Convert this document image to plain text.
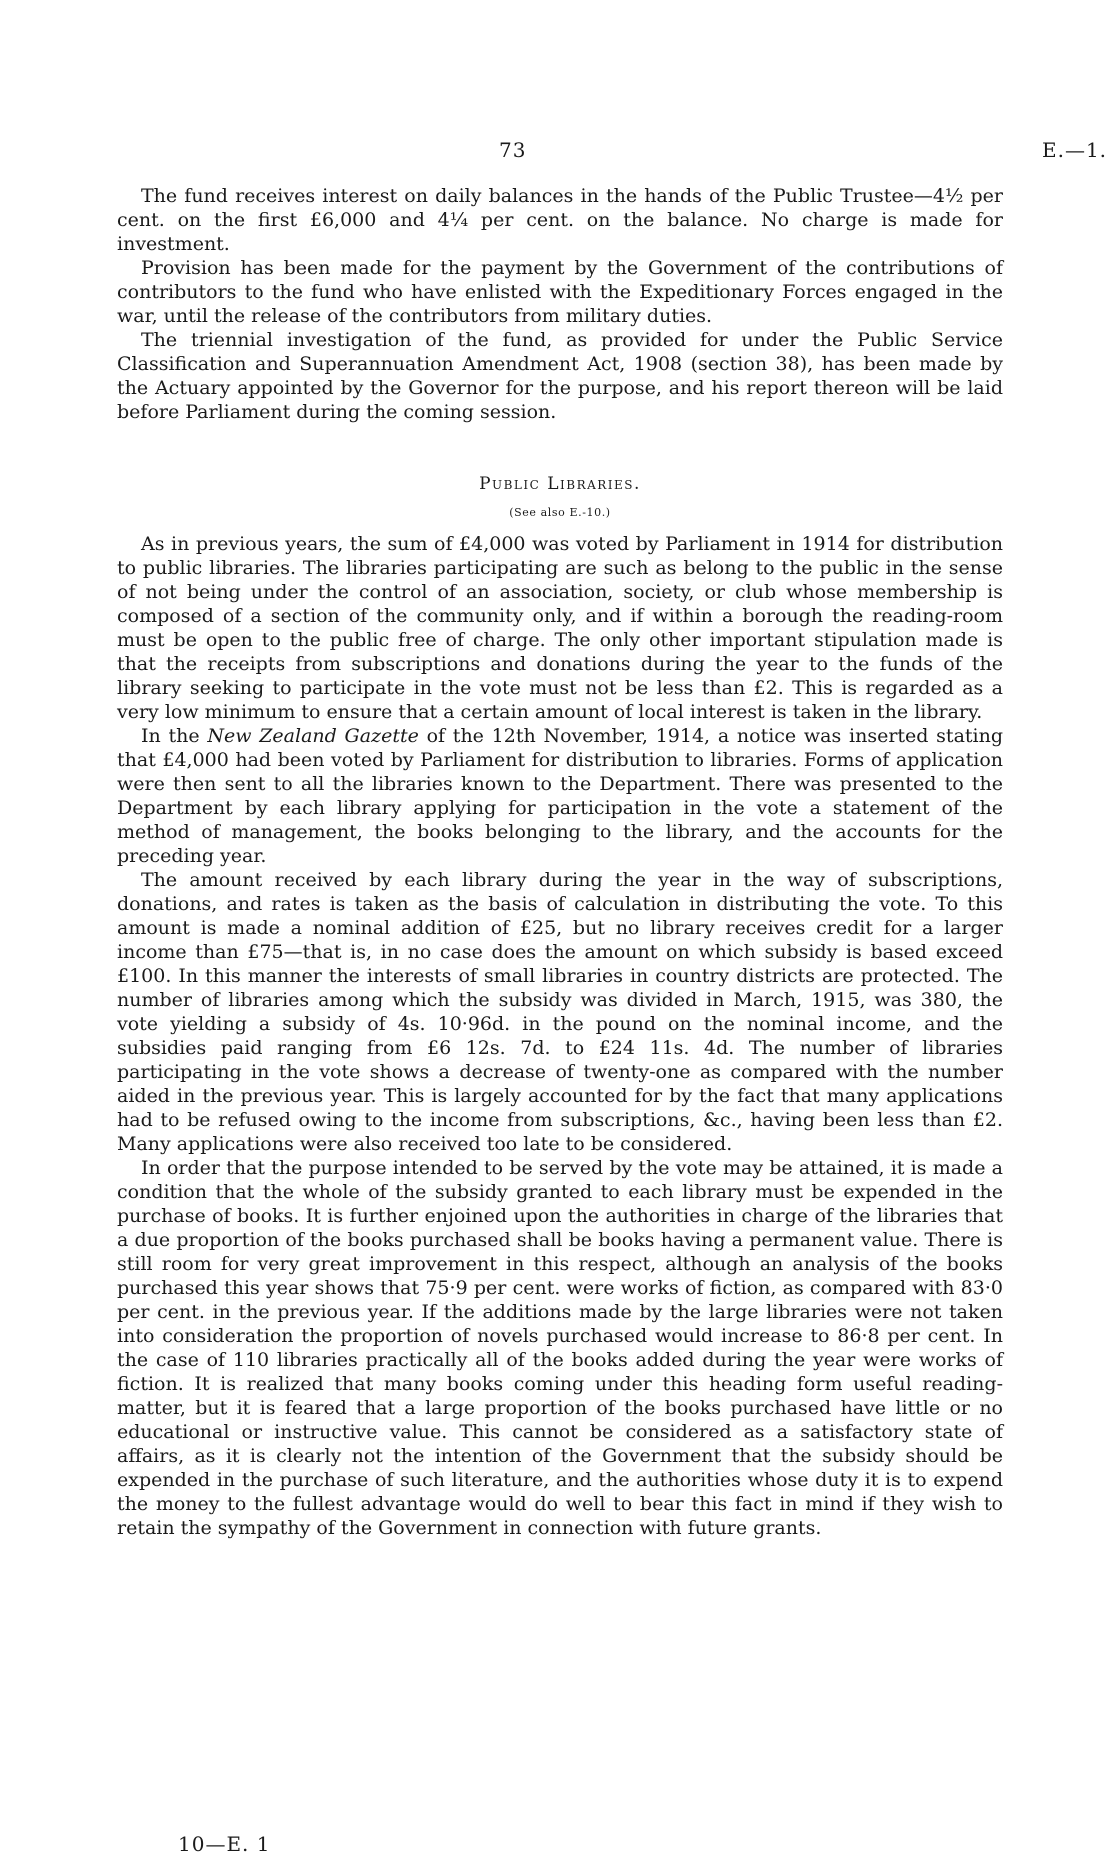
73	E.—1.

The fund receives interest on daily balances in the hands of the Public Trustee—4½ per cent. on the first £6,000 and 4¼ per cent. on the balance. No charge is made for investment.

Provision has been made for the payment by the Government of the contributions of contributors to the fund who have enlisted with the Expeditionary Forces engaged in the war, until the release of the contributors from military duties.

The triennial investigation of the fund, as provided for under the Public Service Classification and Superannuation Amendment Act, 1908 (section 38), has been made by the Actuary appointed by the Governor for the purpose, and his report thereon will be laid before Parliament during the coming session.

Public Libraries.
(See also E.-10.)

As in previous years, the sum of £4,000 was voted by Parliament in 1914 for distribution to public libraries. The libraries participating are such as belong to the public in the sense of not being under the control of an association, society, or club whose membership is composed of a section of the community only, and if within a borough the reading-room must be open to the public free of charge. The only other important stipulation made is that the receipts from subscriptions and donations during the year to the funds of the library seeking to participate in the vote must not be less than £2. This is regarded as a very low minimum to ensure that a certain amount of local interest is taken in the library.

In the New Zealand Gazette of the 12th November, 1914, a notice was inserted stating that £4,000 had been voted by Parliament for distribution to libraries. Forms of application were then sent to all the libraries known to the Department. There was presented to the Department by each library applying for participation in the vote a statement of the method of management, the books belonging to the library, and the accounts for the preceding year.

The amount received by each library during the year in the way of subscriptions, donations, and rates is taken as the basis of calculation in distributing the vote. To this amount is made a nominal addition of £25, but no library receives credit for a larger income than £75—that is, in no case does the amount on which subsidy is based exceed £100. In this manner the interests of small libraries in country districts are protected. The number of libraries among which the subsidy was divided in March, 1915, was 380, the vote yielding a subsidy of 4s. 10·96d. in the pound on the nominal income, and the subsidies paid ranging from £6 12s. 7d. to £24 11s. 4d. The number of libraries participating in the vote shows a decrease of twenty-one as compared with the number aided in the previous year. This is largely accounted for by the fact that many applications had to be refused owing to the income from subscriptions, &c., having been less than £2. Many applications were also received too late to be considered.

In order that the purpose intended to be served by the vote may be attained, it is made a condition that the whole of the subsidy granted to each library must be expended in the purchase of books. It is further enjoined upon the authorities in charge of the libraries that a due proportion of the books purchased shall be books having a permanent value. There is still room for very great improvement in this respect, although an analysis of the books purchased this year shows that 75·9 per cent. were works of fiction, as compared with 83·0 per cent. in the previous year. If the additions made by the large libraries were not taken into consideration the proportion of novels purchased would increase to 86·8 per cent. In the case of 110 libraries practically all of the books added during the year were works of fiction. It is realized that many books coming under this heading form useful reading-matter, but it is feared that a large proportion of the books purchased have little or no educational or instructive value. This cannot be considered as a satisfactory state of affairs, as it is clearly not the intention of the Government that the subsidy should be expended in the purchase of such literature, and the authorities whose duty it is to expend the money to the fullest advantage would do well to bear this fact in mind if they wish to retain the sympathy of the Government in connection with future grants.

10—E. 1
